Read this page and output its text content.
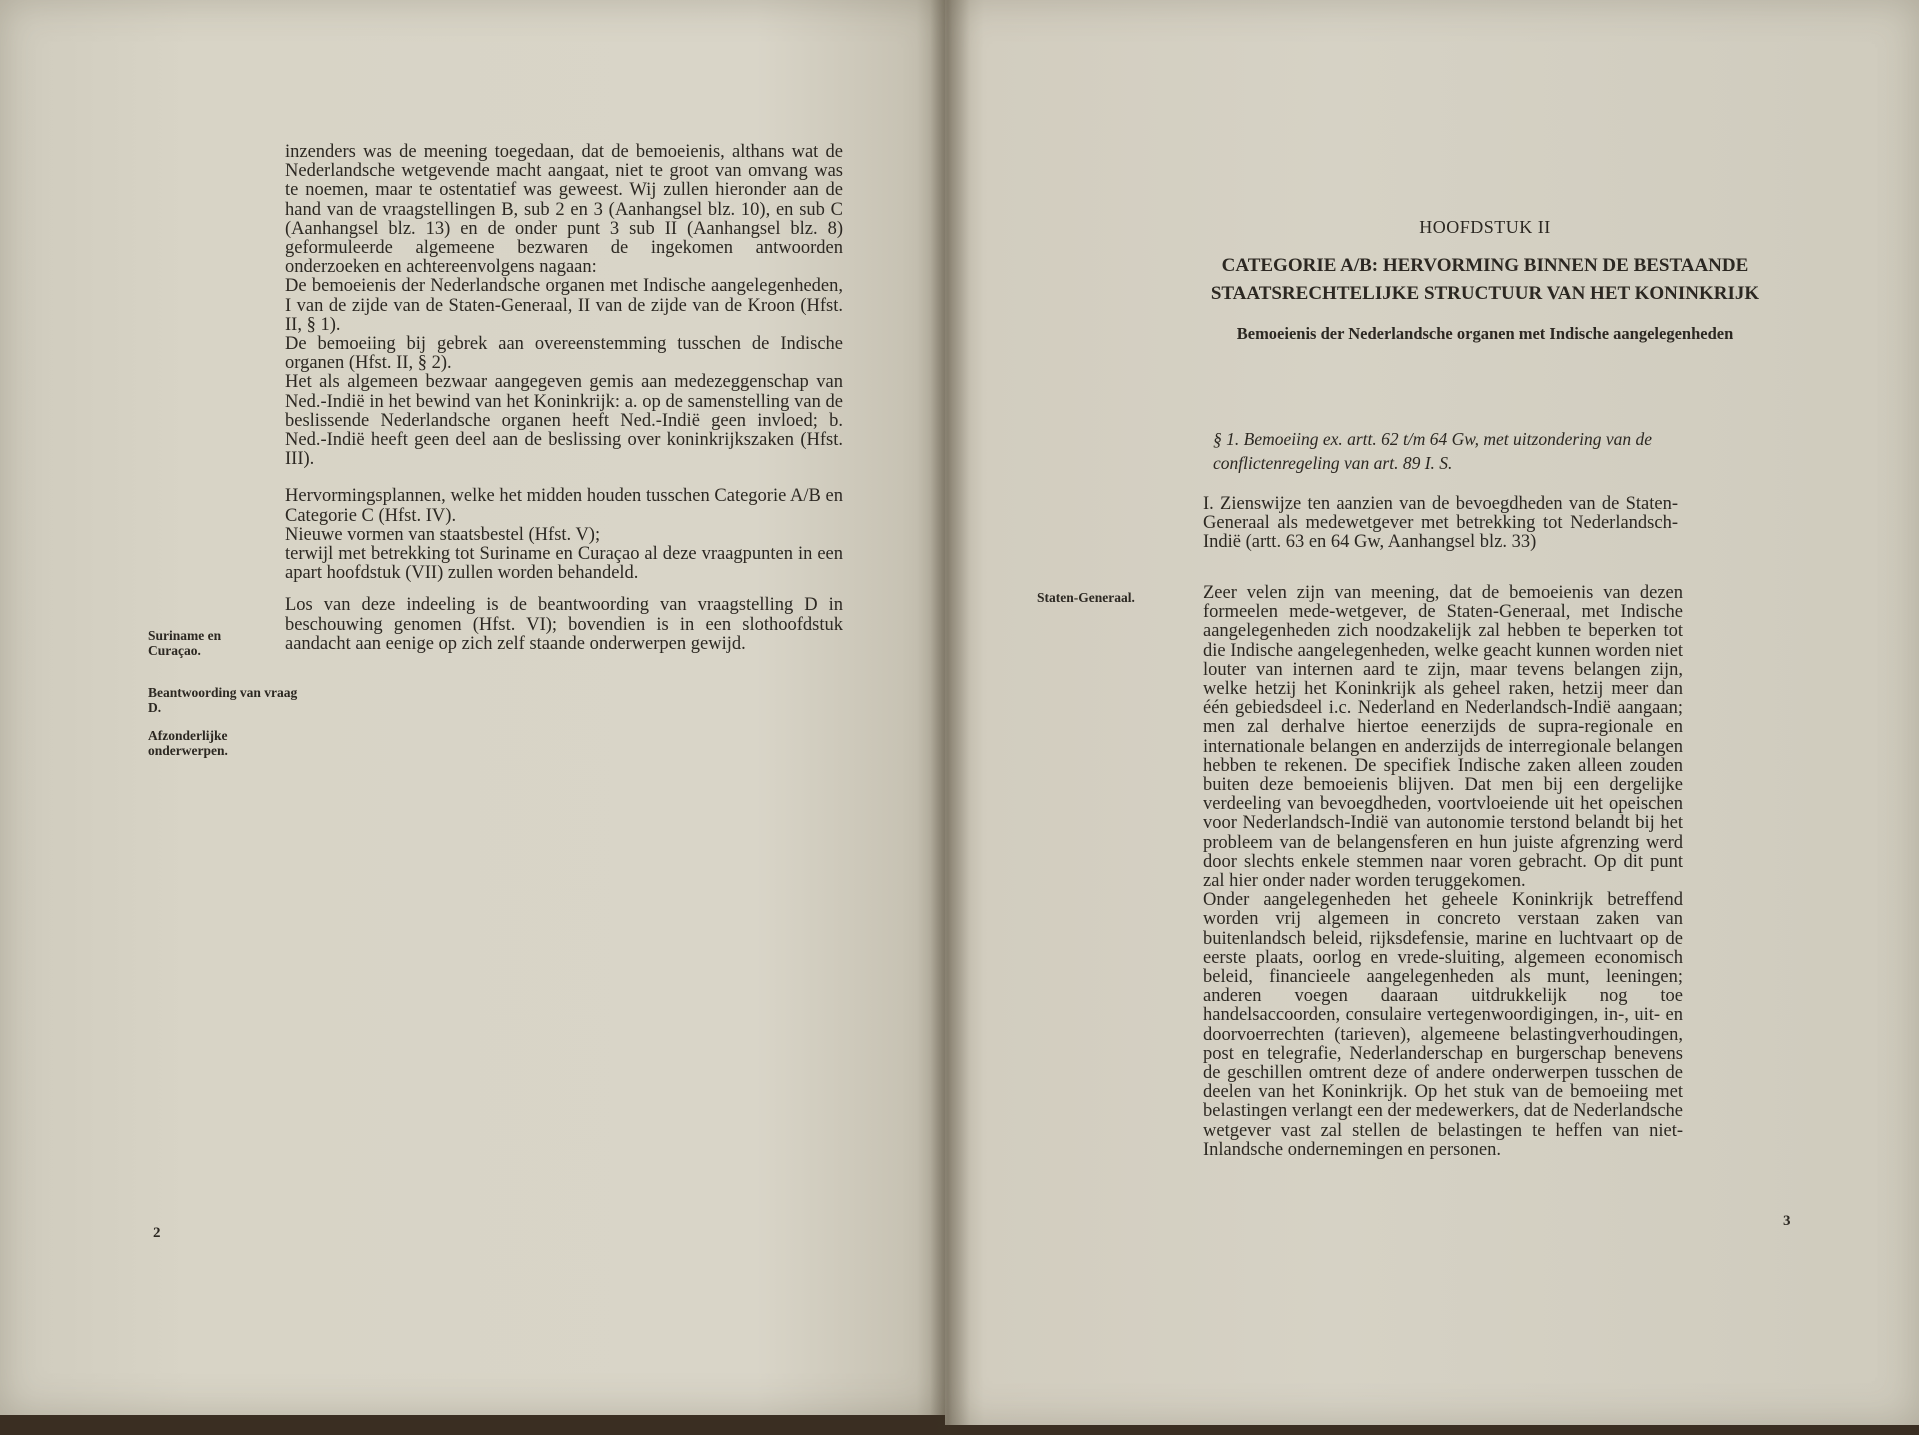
inzenders was de meening toegedaan, dat de bemoeienis, althans wat de Nederlandsche wetgevende macht aangaat, niet te groot van omvang was te noemen, maar te ostentatief was geweest. Wij zullen hieronder aan de hand van de vraagstellingen B, sub 2 en 3 (Aanhangsel blz. 10), en sub C (Aanhangsel blz. 13) en de onder punt 3 sub II (Aanhangsel blz. 8) geformuleerde algemeene bezwaren de ingekomen antwoorden onderzoeken en achtereenvolgens nagaan:

De bemoeienis der Nederlandsche organen met Indische aangelegenheden, I van de zijde van de Staten-Generaal, II van de zijde van de Kroon (Hfst. II, § 1).

De bemoeiing bij gebrek aan overeenstemming tusschen de Indische organen (Hfst. II, § 2).

Het als algemeen bezwaar aangegeven gemis aan medezeggenschap van Ned.-Indië in het bewind van het Koninkrijk: a. op de samenstelling van de beslissende Nederlandsche organen heeft Ned.-Indië geen invloed; b. Ned.-Indië heeft geen deel aan de beslissing over koninkrijkszaken (Hfst. III).

Hervormingsplannen, welke het midden houden tusschen Categorie A/B en Categorie C (Hfst. IV).

Nieuwe vormen van staatsbestel (Hfst. V);

terwijl met betrekking tot Suriname en Curaçao al deze vraagpunten in een apart hoofdstuk (VII) zullen worden behandeld.

Los van deze indeeling is de beantwoording van vraagstelling D in beschouwing genomen (Hfst. VI); bovendien is in een slothoofdstuk aandacht aan eenige op zich zelf staande onderwerpen gewijd.

Suriname en Curaçao.
Beantwoording van vraag D.
Afzonderlijke onderwerpen.
2
HOOFDSTUK II
CATEGORIE A/B: HERVORMING BINNEN DE BESTAANDE STAATSRECHTELIJKE STRUCTUUR VAN HET KONINKRIJK
Bemoeienis der Nederlandsche organen met Indische aangelegenheden
§ 1. Bemoeiing ex. artt. 62 t/m 64 Gw, met uitzondering van de conflictenregeling van art. 89 I. S.
I. Zienswijze ten aanzien van de bevoegdheden van de Staten-Generaal als medewetgever met betrekking tot Nederlandsch-Indië (artt. 63 en 64 Gw, Aanhangsel blz. 33)
Staten-Generaal.	Zeer velen zijn van meening, dat de bemoeienis van dezen formeelen mede-wetgever, de Staten-Generaal, met Indische aangelegenheden zich noodzakelijk zal hebben te beperken tot die Indische aangelegenheden, welke geacht kunnen worden niet louter van internen aard te zijn, maar tevens belangen zijn, welke hetzij het Koninkrijk als geheel raken, hetzij meer dan één gebiedsdeel i.c. Nederland en Nederlandsch-Indië aangaan; men zal derhalve hiertoe eenerzijds de supra-regionale en internationale belangen en anderzijds de interregionale belangen hebben te rekenen. De specifiek Indische zaken alleen zouden buiten deze bemoeienis blijven. Dat men bij een dergelijke verdeeling van bevoegdheden, voortvloeiende uit het opeischen voor Nederlandsch-Indië van autonomie terstond belandt bij het probleem van de belangensferen en hun juiste afgrenzing werd door slechts enkele stemmen naar voren gebracht. Op dit punt zal hier onder nader worden teruggekomen.

Onder aangelegenheden het geheele Koninkrijk betreffend worden vrij algemeen in concreto verstaan zaken van buitenlandsch beleid, rijksdefensie, marine en luchtvaart op de eerste plaats, oorlog en vrede-sluiting, algemeen economisch beleid, financieele aangelegenheden als munt, leeningen; anderen voegen daaraan uitdrukkelijk nog toe handelsaccoorden, consulaire vertegenwoordigingen, in-, uit- en doorvoerrechten (tarieven), algemeene belastingverhoudingen, post en telegrafie, Nederlanderschap en burgerschap benevens de geschillen omtrent deze of andere onderwerpen tusschen de deelen van het Koninkrijk. Op het stuk van de bemoeiing met belastingen verlangt een der medewerkers, dat de Nederlandsche wetgever vast zal stellen de belastingen te heffen van niet-Inlandsche ondernemingen en personen.

3
